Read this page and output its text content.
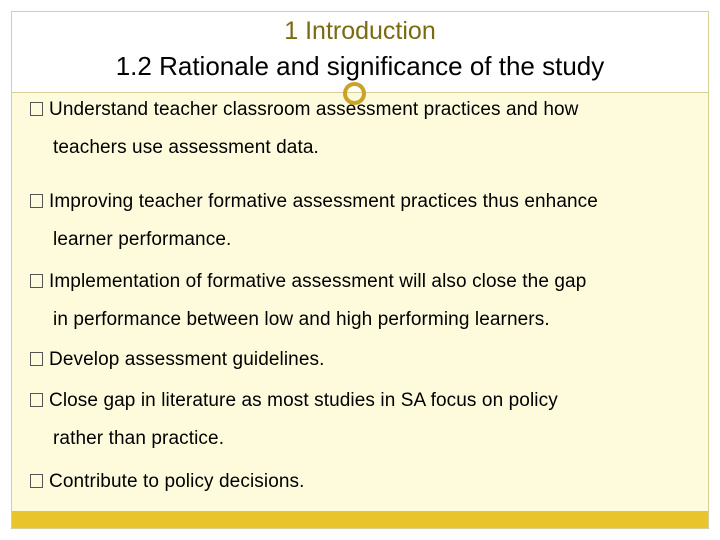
1 Introduction
1.2 Rationale and significance of the study
Understand teacher classroom assessment practices and how
teachers use assessment data.
Improving teacher formative assessment practices thus enhance
learner performance.
Implementation of formative assessment will also close the gap
in performance between low and high performing learners.
Develop assessment guidelines.
Close gap in literature as most studies in SA focus on policy
rather than practice.
Contribute to policy decisions.
